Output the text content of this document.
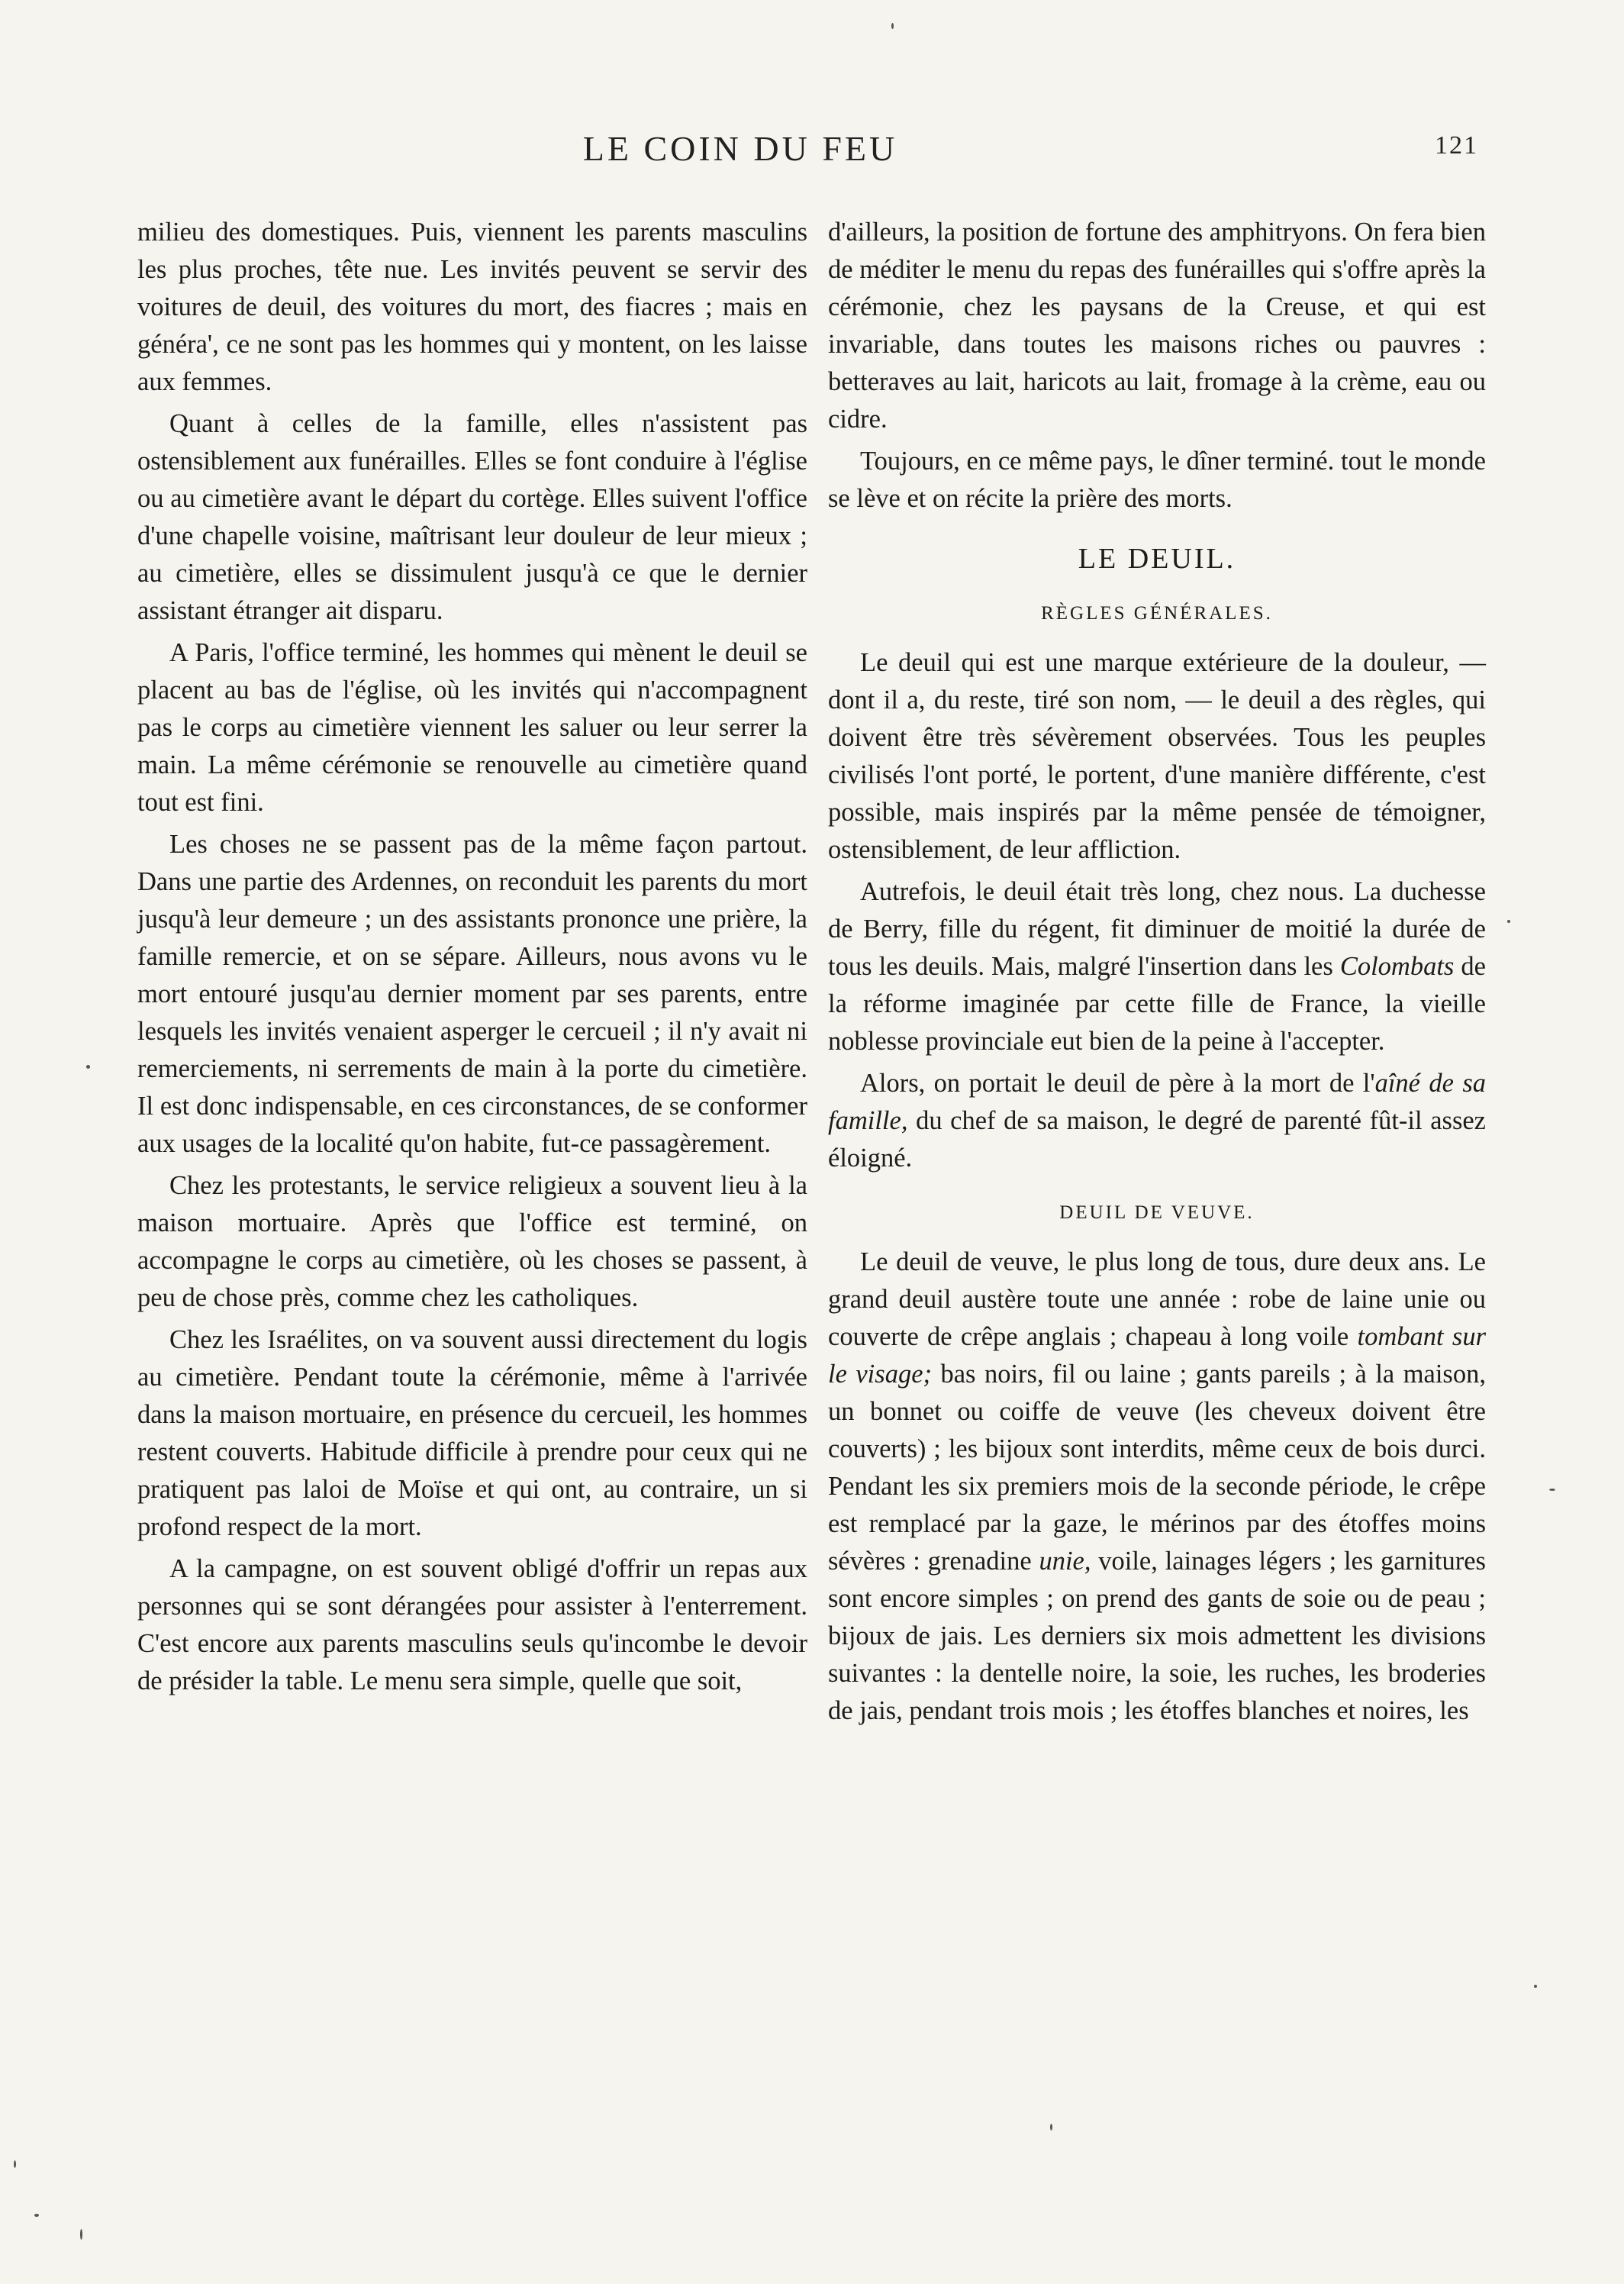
LE COIN DU FEU	121

milieu des domestiques. Puis, viennent les parents masculins les plus proches, tête nue. Les invités peuvent se servir des voitures de deuil, des voitures du mort, des fiacres ; mais en généra', ce ne sont pas les hommes qui y montent, on les laisse aux femmes.

Quant à celles de la famille, elles n'assistent pas ostensiblement aux funérailles. Elles se font conduire à l'église ou au cimetière avant le départ du cortège. Elles suivent l'office d'une chapelle voisine, maîtrisant leur douleur de leur mieux ; au cimetière, elles se dissimulent jusqu'à ce que le dernier assistant étranger ait disparu.

A Paris, l'office terminé, les hommes qui mènent le deuil se placent au bas de l'église, où les invités qui n'accompagnent pas le corps au cimetière viennent les saluer ou leur serrer la main. La même cérémonie se renouvelle au cimetière quand tout est fini.

Les choses ne se passent pas de la même façon partout. Dans une partie des Ardennes, on reconduit les parents du mort jusqu'à leur demeure ; un des assistants prononce une prière, la famille remercie, et on se sépare. Ailleurs, nous avons vu le mort entouré jusqu'au dernier moment par ses parents, entre lesquels les invités venaient asperger le cercueil ; il n'y avait ni remerciements, ni serrements de main à la porte du cimetière. Il est donc indispensable, en ces circonstances, de se conformer aux usages de la localité qu'on habite, fut-ce passagèrement.

Chez les protestants, le service religieux a souvent lieu à la maison mortuaire. Après que l'office est terminé, on accompagne le corps au cimetière, où les choses se passent, à peu de chose près, comme chez les catholiques.

Chez les Israélites, on va souvent aussi directement du logis au cimetière. Pendant toute la cérémonie, même à l'arrivée dans la maison mortuaire, en présence du cercueil, les hommes restent couverts. Habitude difficile à prendre pour ceux qui ne pratiquent pas laloi de Moïse et qui ont, au contraire, un si profond respect de la mort.

A la campagne, on est souvent obligé d'offrir un repas aux personnes qui se sont dérangées pour assister à l'enterrement. C'est encore aux parents masculins seuls qu'incombe le devoir de présider la table. Le menu sera simple, quelle que soit,

d'ailleurs, la position de fortune des amphitryons. On fera bien de méditer le menu du repas des funérailles qui s'offre après la cérémonie, chez les paysans de la Creuse, et qui est invariable, dans toutes les maisons riches ou pauvres : betteraves au lait, haricots au lait, fromage à la crème, eau ou cidre.

Toujours, en ce même pays, le dîner terminé. tout le monde se lève et on récite la prière des morts.

LE DEUIL.
RÈGLES GÉNÉRALES.

Le deuil qui est une marque extérieure de la douleur, — dont il a, du reste, tiré son nom, — le deuil a des règles, qui doivent être très sévèrement observées. Tous les peuples civilisés l'ont porté, le portent, d'une manière différente, c'est possible, mais inspirés par la même pensée de témoigner, ostensiblement, de leur affliction.

Autrefois, le deuil était très long, chez nous. La duchesse de Berry, fille du régent, fit diminuer de moitié la durée de tous les deuils. Mais, malgré l'insertion dans les Colombats de la réforme imaginée par cette fille de France, la vieille noblesse provinciale eut bien de la peine à l'accepter.

Alors, on portait le deuil de père à la mort de l'aîné de sa famille, du chef de sa maison, le degré de parenté fût-il assez éloigné.

DEUIL DE VEUVE.

Le deuil de veuve, le plus long de tous, dure deux ans. Le grand deuil austère toute une année : robe de laine unie ou couverte de crêpe anglais ; chapeau à long voile tombant sur le visage; bas noirs, fil ou laine ; gants pareils ; à la maison, un bonnet ou coiffe de veuve (les cheveux doivent être couverts) ; les bijoux sont interdits, même ceux de bois durci. Pendant les six premiers mois de la seconde période, le crêpe est remplacé par la gaze, le mérinos par des étoffes moins sévères : grenadine unie, voile, lainages légers ; les garnitures sont encore simples ; on prend des gants de soie ou de peau ; bijoux de jais. Les derniers six mois admettent les divisions suivantes : la dentelle noire, la soie, les ruches, les broderies de jais, pendant trois mois ; les étoffes blanches et noires, les
